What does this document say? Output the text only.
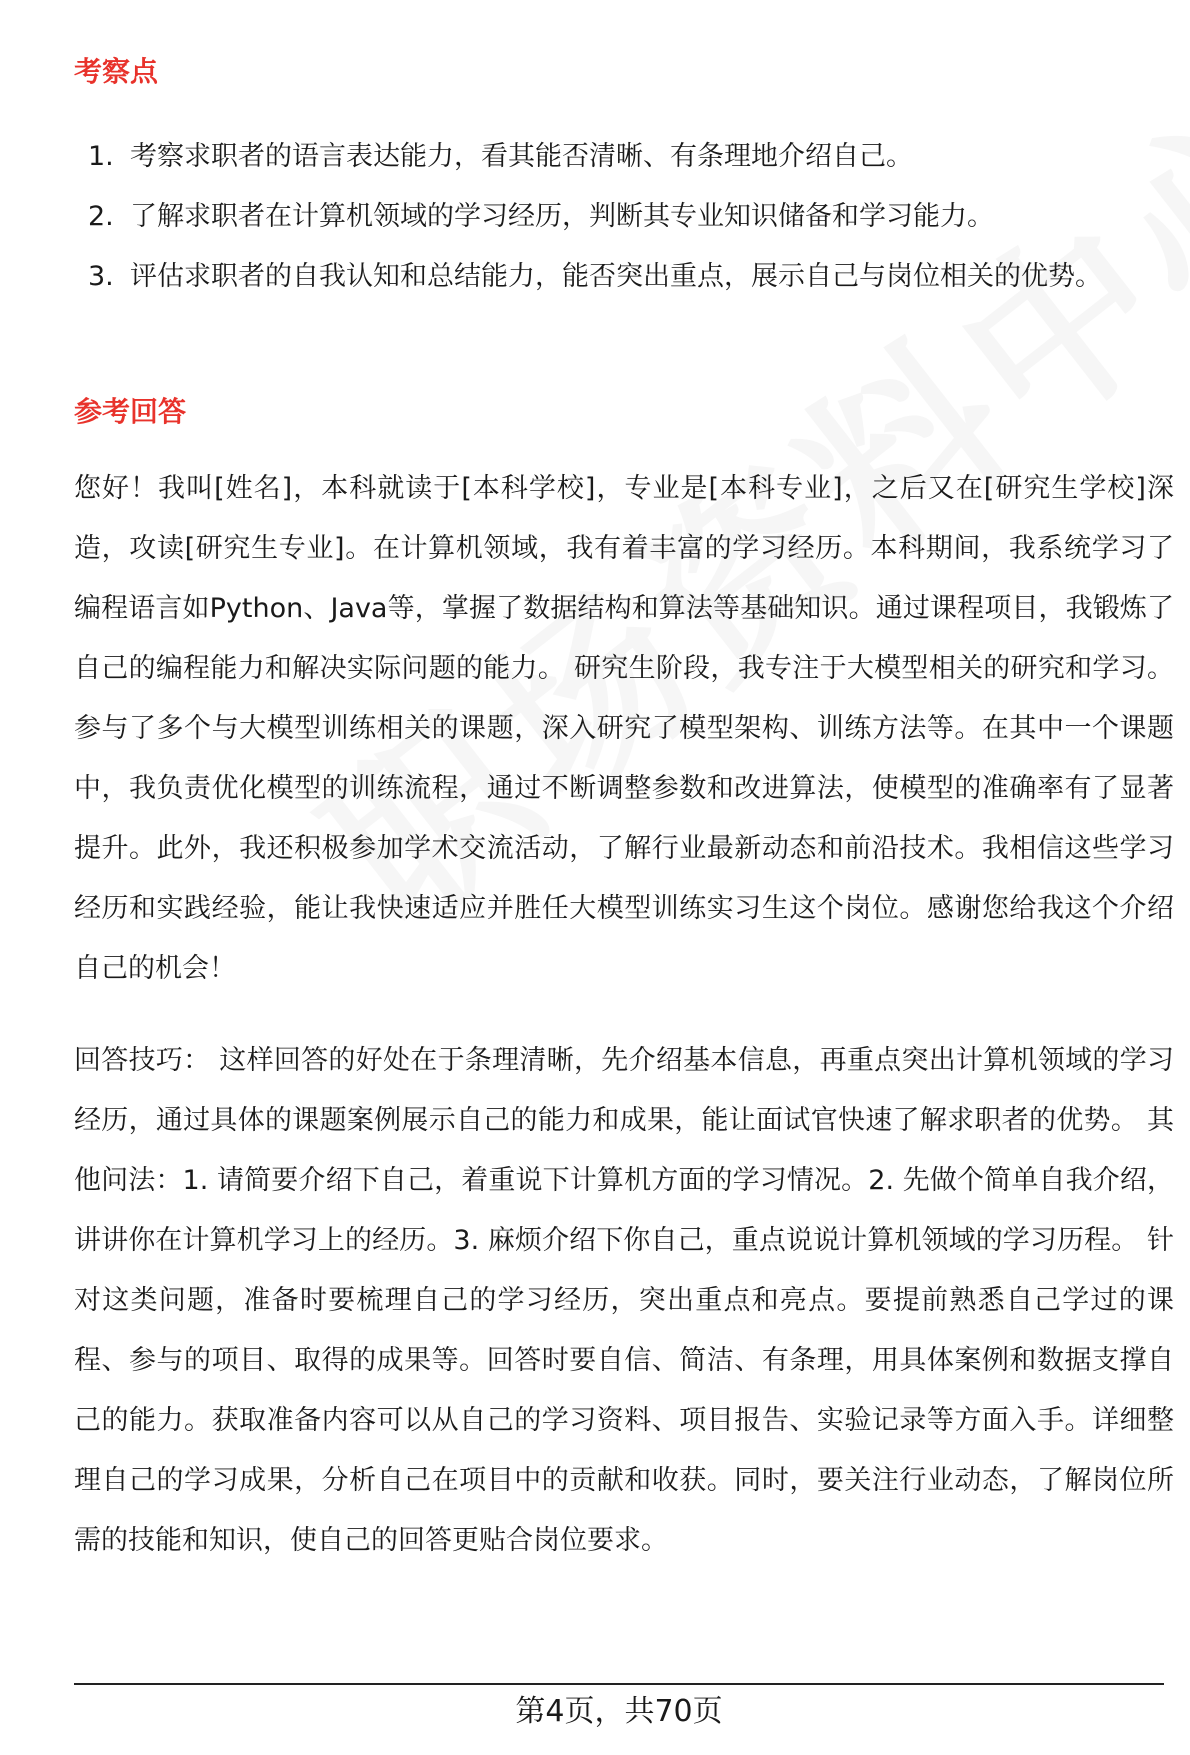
考察点
1. 考察求职者的语言表达能力，看其能否清晰、有条理地介绍自己。
2. 了解求职者在计算机领域的学习经历，判断其专业知识储备和学习能力。
3. 评估求职者的自我认知和总结能力，能否突出重点，展示自己与岗位相关的优势。
参考回答

您好！我叫[姓名]，本科就读于[本科学校]，专业是[本科专业]，之后又在[研究生学校]深造，攻读[研究生专业]。在计算机领域，我有着丰富的学习经历。本科期间，我系统学习了编程语言如Python、Java等，掌握了数据结构和算法等基础知识。通过课程项目，我锻炼了自己的编程能力和解决实际问题的能力。 研究生阶段，我专注于大模型相关的研究和学习。参与了多个与大模型训练相关的课题，深入研究了模型架构、训练方法等。在其中一个课题中，我负责优化模型的训练流程，通过不断调整参数和改进算法，使模型的准确率有了显著提升。此外，我还积极参加学术交流活动，了解行业最新动态和前沿技术。我相信这些学习经历和实践经验，能让我快速适应并胜任大模型训练实习生这个岗位。感谢您给我这个介绍自己的机会！

回答技巧： 这样回答的好处在于条理清晰，先介绍基本信息，再重点突出计算机领域的学习经历，通过具体的课题案例展示自己的能力和成果，能让面试官快速了解求职者的优势。 其他问法：1. 请简要介绍下自己，着重说下计算机方面的学习情况。2. 先做个简单自我介绍，讲讲你在计算机学习上的经历。3. 麻烦介绍下你自己，重点说说计算机领域的学习历程。 针对这类问题，准备时要梳理自己的学习经历，突出重点和亮点。要提前熟悉自己学过的课程、参与的项目、取得的成果等。回答时要自信、简洁、有条理，用具体案例和数据支撑自己的能力。获取准备内容可以从自己的学习资料、项目报告、实验记录等方面入手。详细整理自己的学习成果，分析自己在项目中的贡献和收获。同时，要关注行业动态，了解岗位所需的技能和知识，使自己的回答更贴合岗位要求。

第4页，共70页
